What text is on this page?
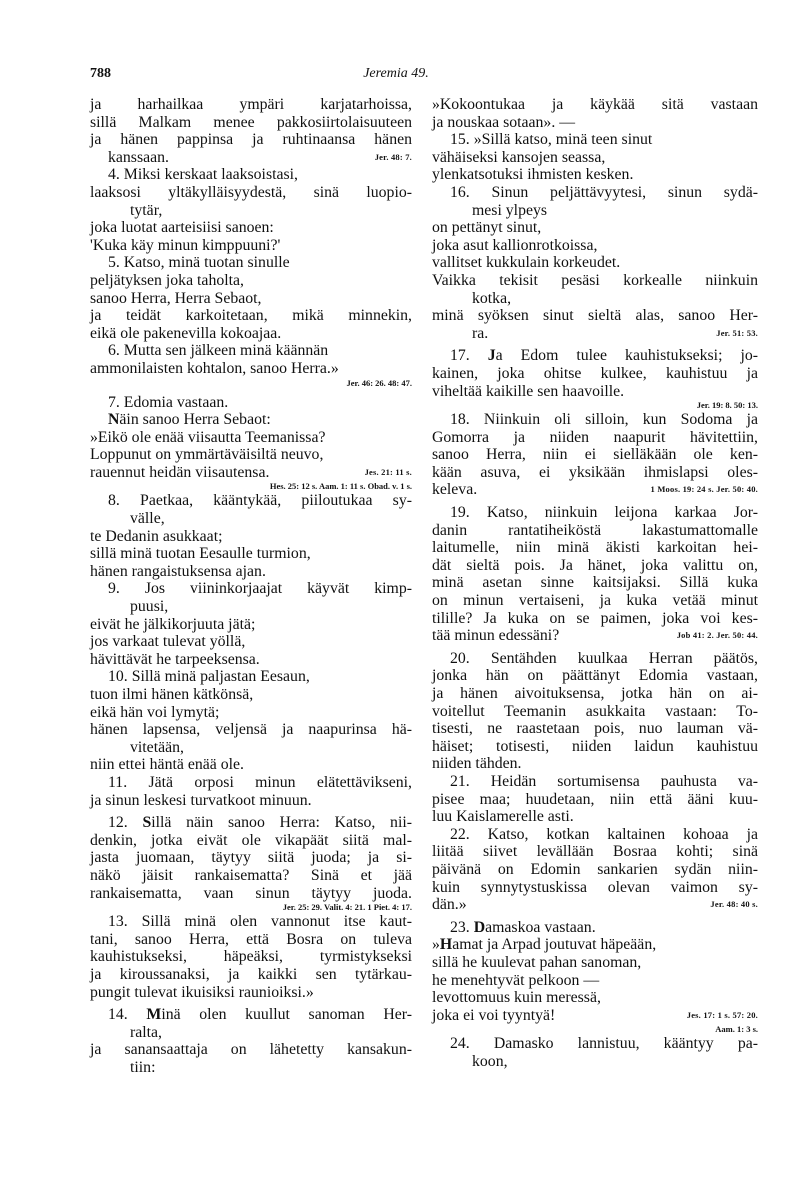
788	Jeremia 49.
ja harhailkaa ympäri karjatarhoissa,
sillä Malkam menee pakkosiirtolaisuuteen
ja hänen pappinsa ja ruhtinaansa hänen
Jer. 48: 7.
kanssaan.
4. Miksi kerskaat laaksoistasi,
laaksosi yltäkylläisyydestä, sinä luopio-
tytär,
joka luotat aarteisiisi sanoen:
'Kuka käy minun kimppuuni?'
5. Katso, minä tuotan sinulle
peljätyksen joka taholta,
sanoo Herra, Herra Sebaot,
ja teidät karkoitetaan, mikä minnekin,
eikä ole pakenevilla kokoajaa.
6. Mutta sen jälkeen minä käännän
ammonilaisten kohtalon, sanoo Herra.»
Jer. 46: 26. 48: 47.
7. Edomia vastaan.
Näin sanoo Herra Sebaot:
»Eikö ole enää viisautta Teemanissa?
Loppunut on ymmärtäväisiltä neuvo,
Jes. 21: 11 s.
rauennut heidän viisautensa.
Hes. 25: 12 s. Aam. 1: 11 s. Obad. v. 1 s.
8. Paetkaa, kääntykää, piiloutukaa sy-
välle,
te Dedanin asukkaat;
sillä minä tuotan Eesaulle turmion,
hänen rangaistuksensa ajan.
9. Jos viininkorjaajat käyvät kimp-
puusi,
eivät he jälkikorjuuta jätä;
jos varkaat tulevat yöllä,
hävittävät he tarpeeksensa.
10. Sillä minä paljastan Eesaun,
tuon ilmi hänen kätkönsä,
eikä hän voi lymytä;
hänen lapsensa, veljensä ja naapurinsa hä-
vitetään,
niin ettei häntä enää ole.
11. Jätä orposi minun elätettävikseni,
ja sinun leskesi turvatkoot minuun.
12. Sillä näin sanoo Herra: Katso, nii-
denkin, jotka eivät ole vikapäät siitä mal-
jasta juomaan, täytyy siitä juoda; ja si-
näkö jäisit rankaisematta? Sinä et jää
rankaisematta, vaan sinun täytyy juoda.
Jer. 25: 29. Valit. 4: 21. 1 Piet. 4: 17.
13. Sillä minä olen vannonut itse kaut-
tani, sanoo Herra, että Bosra on tuleva
kauhistukseksi, häpeäksi, tyrmistykseksi
ja kiroussanaksi, ja kaikki sen tytärkau-
pungit tulevat ikuisiksi raunioiksi.»
14. Minä olen kuullut sanoman Her-
ralta,
ja sanansaattaja on lähetetty kansakun-
tiin:
»Kokoontukaa ja käykää sitä vastaan
ja nouskaa sotaan». —
15. »Sillä katso, minä teen sinut
vähäiseksi kansojen seassa,
ylenkatsotuksi ihmisten kesken.
16. Sinun peljättävyytesi, sinun sydä-
mesi ylpeys
on pettänyt sinut,
joka asut kallionrotkoissa,
vallitset kukkulain korkeudet.
Vaikka tekisit pesäsi korkealle niinkuin
kotka,
minä syöksen sinut sieltä alas, sanoo Her-
Jer. 51: 53.
ra.
17. Ja Edom tulee kauhistukseksi; jo-
kainen, joka ohitse kulkee, kauhistuu ja
viheltää kaikille sen haavoille.
Jer. 19: 8. 50: 13.
18. Niinkuin oli silloin, kun Sodoma ja
Gomorra ja niiden naapurit hävitettiin,
sanoo Herra, niin ei sielläkään ole ken-
kään asuva, ei yksikään ihmislapsi oles-
1 Moos. 19: 24 s. Jer. 50: 40.
keleva.
19. Katso, niinkuin leijona karkaa Jor-
danin rantatiheiköstä lakastumattomalle
laitumelle, niin minä äkisti karkoitan hei-
dät sieltä pois. Ja hänet, joka valittu on,
minä asetan sinne kaitsijaksi. Sillä kuka
on minun vertaiseni, ja kuka vetää minut
tilille? Ja kuka on se paimen, joka voi kes-
Job 41: 2. Jer. 50: 44.
tää minun edessäni?
20. Sentähden kuulkaa Herran päätös,
jonka hän on päättänyt Edomia vastaan,
ja hänen aivoituksensa, jotka hän on ai-
voitellut Teemanin asukkaita vastaan: To-
tisesti, ne raastetaan pois, nuo lauman vä-
häiset; totisesti, niiden laidun kauhistuu
niiden tähden.
21. Heidän sortumisensa pauhusta va-
pisee maa; huudetaan, niin että ääni kuu-
luu Kaislamerelle asti.
22. Katso, kotkan kaltainen kohoaa ja
liitää siivet levällään Bosraa kohti; sinä
päivänä on Edomin sankarien sydän niin-
kuin synnytystuskissa olevan vaimon sy-
Jer. 48: 40 s.
dän.»
23. Damaskoa vastaan.
»Hamat ja Arpad joutuvat häpeään,
sillä he kuulevat pahan sanoman,
he menehtyvät pelkoon —
levottomuus kuin meressä,
Jes. 17: 1 s. 57: 20.
joka ei voi tyyntyä!
Aam. 1: 3 s.
24. Damasko lannistuu, kääntyy pa-
koon,
